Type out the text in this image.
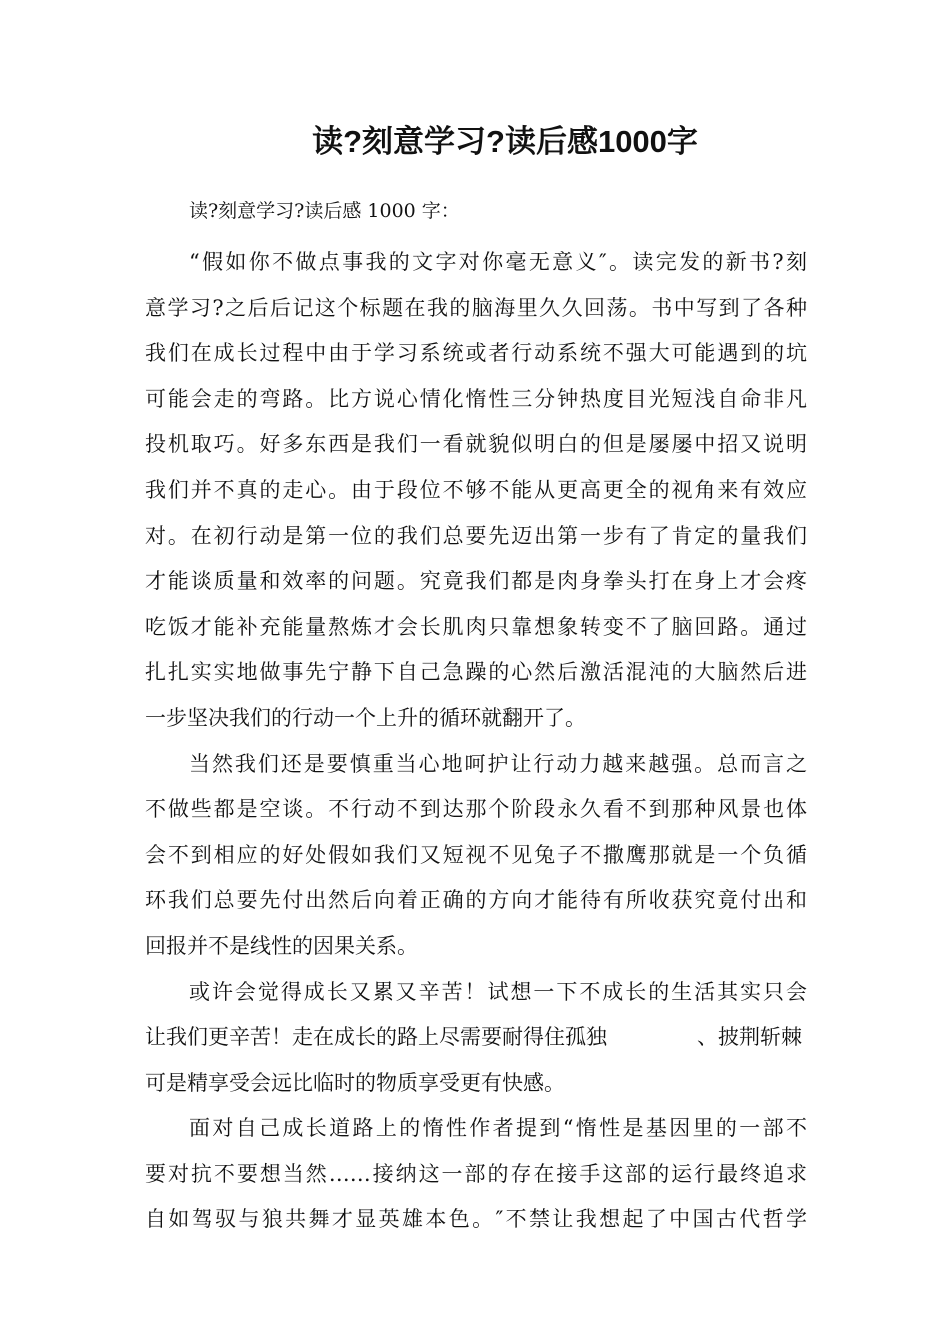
读?刻意学习?读后感1000字

读?刻意学习?读后感 1000 字：

“假如你不做点事我的文字对你毫无意义″。读完发的新书?刻
意学习?之后后记这个标题在我的脑海里久久回荡。书中写到了各种
我们在成长过程中由于学习系统或者行动系统不强大可能遇到的坑
可能会走的弯路。比方说心情化惰性三分钟热度目光短浅自命非凡
投机取巧。好多东西是我们一看就貌似明白的但是屡屡中招又说明
我们并不真的走心。由于段位不够不能从更高更全的视角来有效应
对。在初行动是第一位的我们总要先迈出第一步有了肯定的量我们
才能谈质量和效率的问题。究竟我们都是肉身拳头打在身上才会疼
吃饭才能补充能量熬炼才会长肌肉只靠想象转变不了脑回路。通过
扎扎实实地做事先宁静下自己急躁的心然后激活混沌的大脑然后进
一步坚决我们的行动一个上升的循环就翻开了。
当然我们还是要慎重当心地呵护让行动力越来越强。总而言之
不做些都是空谈。不行动不到达那个阶段永久看不到那种风景也体
会不到相应的好处假如我们又短视不见兔子不撒鹰那就是一个负循
环我们总要先付出然后向着正确的方向才能待有所收获究竟付出和
回报并不是线性的因果关系。
或许会觉得成长又累又辛苦！试想一下不成长的生活其实只会
让我们更辛苦！走在成长的路上尽需要耐得住孤独	、披荆斩棘
可是精享受会远比临时的物质享受更有快感。
面对自己成长道路上的惰性作者提到“惰性是基因里的一部不
要对抗不要想当然……接纳这一部的存在接手这部的运行最终追求
自如驾驭与狼共舞才显英雄本色。″不禁让我想起了中国古代哲学
